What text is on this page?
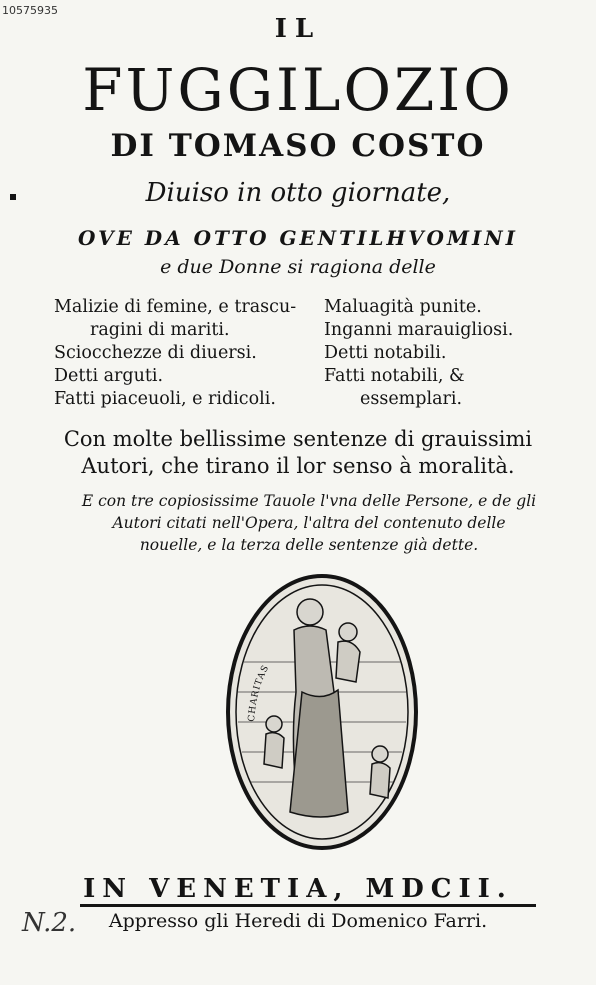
10575935
IL
FUGGILOZIO
DI TOMASO COSTO
Diuiso in otto giornate,
OVE DA OTTO GENTILHVOMINI
e due Donne si ragiona delle
Malizie di femine, e trascu-
ragini di mariti.
Sciocchezze di diuersi.
Detti arguti.
Fatti piaceuoli, e ridicoli.
Maluagità punite.
Inganni marauigliosi.
Detti notabili.
Fatti notabili, &
essemplari.
Con molte bellissime sentenze di grauissimi
Autori, che tirano il lor senso à moralità.
E con tre copiosissime Tauole l'vna delle Persone, e de gli
Autori citati nell'Opera, l'altra del contenuto delle
nouelle, e la terza delle sentenze già dette.
CHARITAS
IN VENETIA, MDCII.
Appresso gli Heredi di Domenico Farri.
N.2.
